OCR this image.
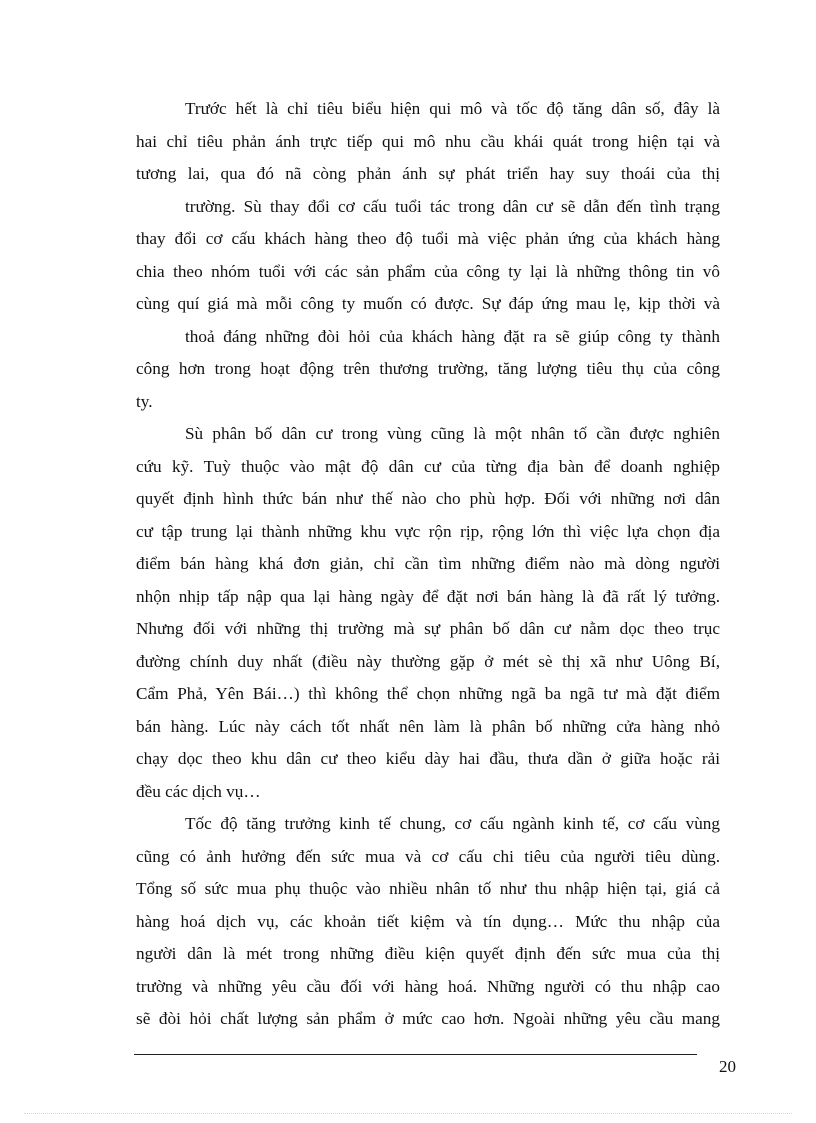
Trước hết là chỉ tiêu biểu hiện qui mô và tốc độ tăng dân số, đây là

hai chỉ tiêu phản ánh trực tiếp qui mô nhu cầu khái quát trong hiện tại và

tương lai, qua đó nã còng phản ánh sự phát triển hay suy thoái của thị

trường. Sù thay đổi cơ cấu tuổi tác trong dân cư sẽ dẫn đến tình trạng

thay đổi cơ cấu khách hàng theo độ tuổi mà việc phản ứng của khách hàng

chia theo nhóm tuổi với các sản phẩm của công ty lại là những thông tin vô

cùng quí giá mà mỗi công ty muốn có được. Sự đáp ứng mau lẹ, kịp thời và

thoả đáng những đòi hỏi của khách hàng đặt ra sẽ giúp công ty thành

công hơn trong hoạt động trên thương trường, tăng lượng tiêu thụ của công

ty.

Sù phân bố dân cư trong vùng cũng là một nhân tố cần được nghiên

cứu kỹ. Tuỳ thuộc vào mật độ dân cư của từng địa bàn để doanh nghiệp

quyết định hình thức bán như thế nào cho phù hợp. Đối với những nơi dân

cư tập trung lại thành những khu vực rộn rịp, rộng lớn thì việc lựa chọn địa

điểm bán hàng khá đơn giản, chỉ cần tìm những điểm nào mà dòng người

nhộn nhịp tấp nập qua lại hàng ngày để đặt nơi bán hàng là đã rất lý tưởng.

Nhưng đối với những thị trường mà sự phân bố dân cư nằm dọc theo trục

đường chính duy nhất (điều này thường gặp ở mét sè thị xã như Uông Bí,

Cẩm Phả, Yên Bái…) thì không thể chọn những ngã ba ngã tư mà đặt điểm

bán hàng. Lúc này cách tốt nhất nên làm là phân bố những cửa hàng nhỏ

chạy dọc theo khu dân cư theo kiểu dày hai đầu, thưa dần ở giữa hoặc rải

đều các dịch vụ…

Tốc độ tăng trưởng kinh tế chung, cơ cấu ngành kinh tế, cơ cấu vùng

cũng có ảnh hưởng đến sức mua và cơ cấu chi tiêu của người tiêu dùng.

Tổng số sức mua phụ thuộc vào nhiều nhân tố như thu nhập hiện tại, giá cả

hàng hoá dịch vụ, các khoản tiết kiệm và tín dụng… Mức thu nhập của

người dân là mét trong những điều kiện quyết định đến sức mua của thị

trường và những yêu cầu đối với hàng hoá. Những người có thu nhập cao

sẽ đòi hỏi chất lượng sản phẩm ở mức cao hơn. Ngoài những yêu cầu mang

20
